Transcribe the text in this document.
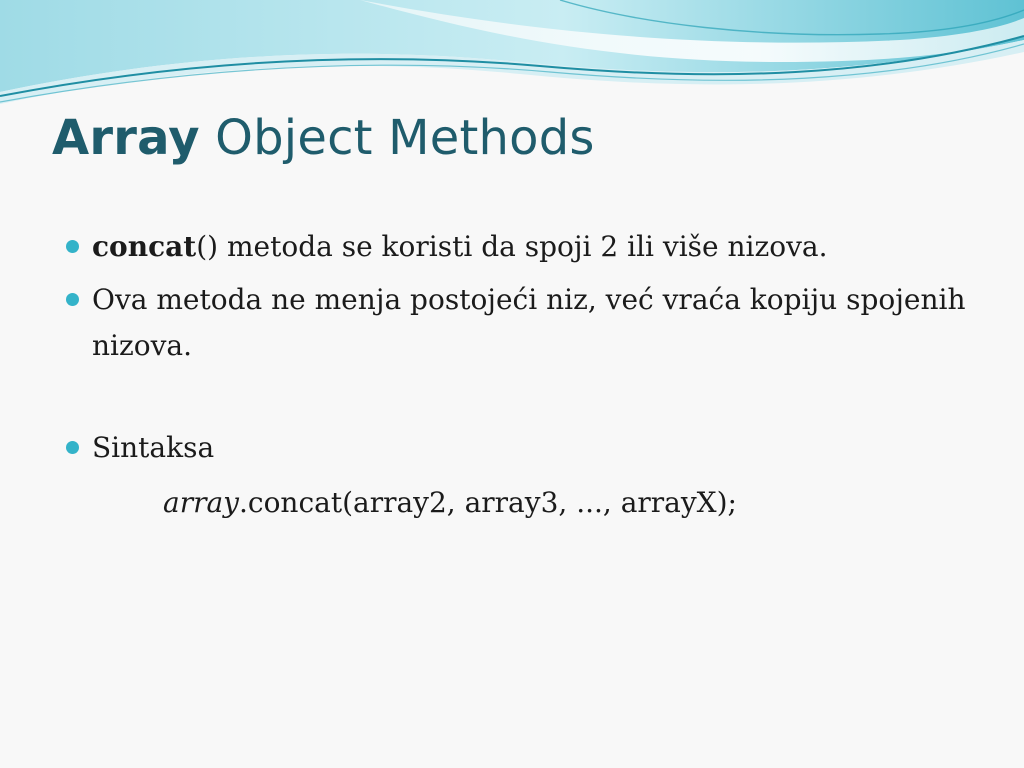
Array Object Methods
concat() metoda se koristi da spoji 2 ili više nizova.
Ova metoda ne menja postojeći niz, već vraća kopiju spojenih nizova.
Sintaksa
array.concat(array2, array3, ..., arrayX);
